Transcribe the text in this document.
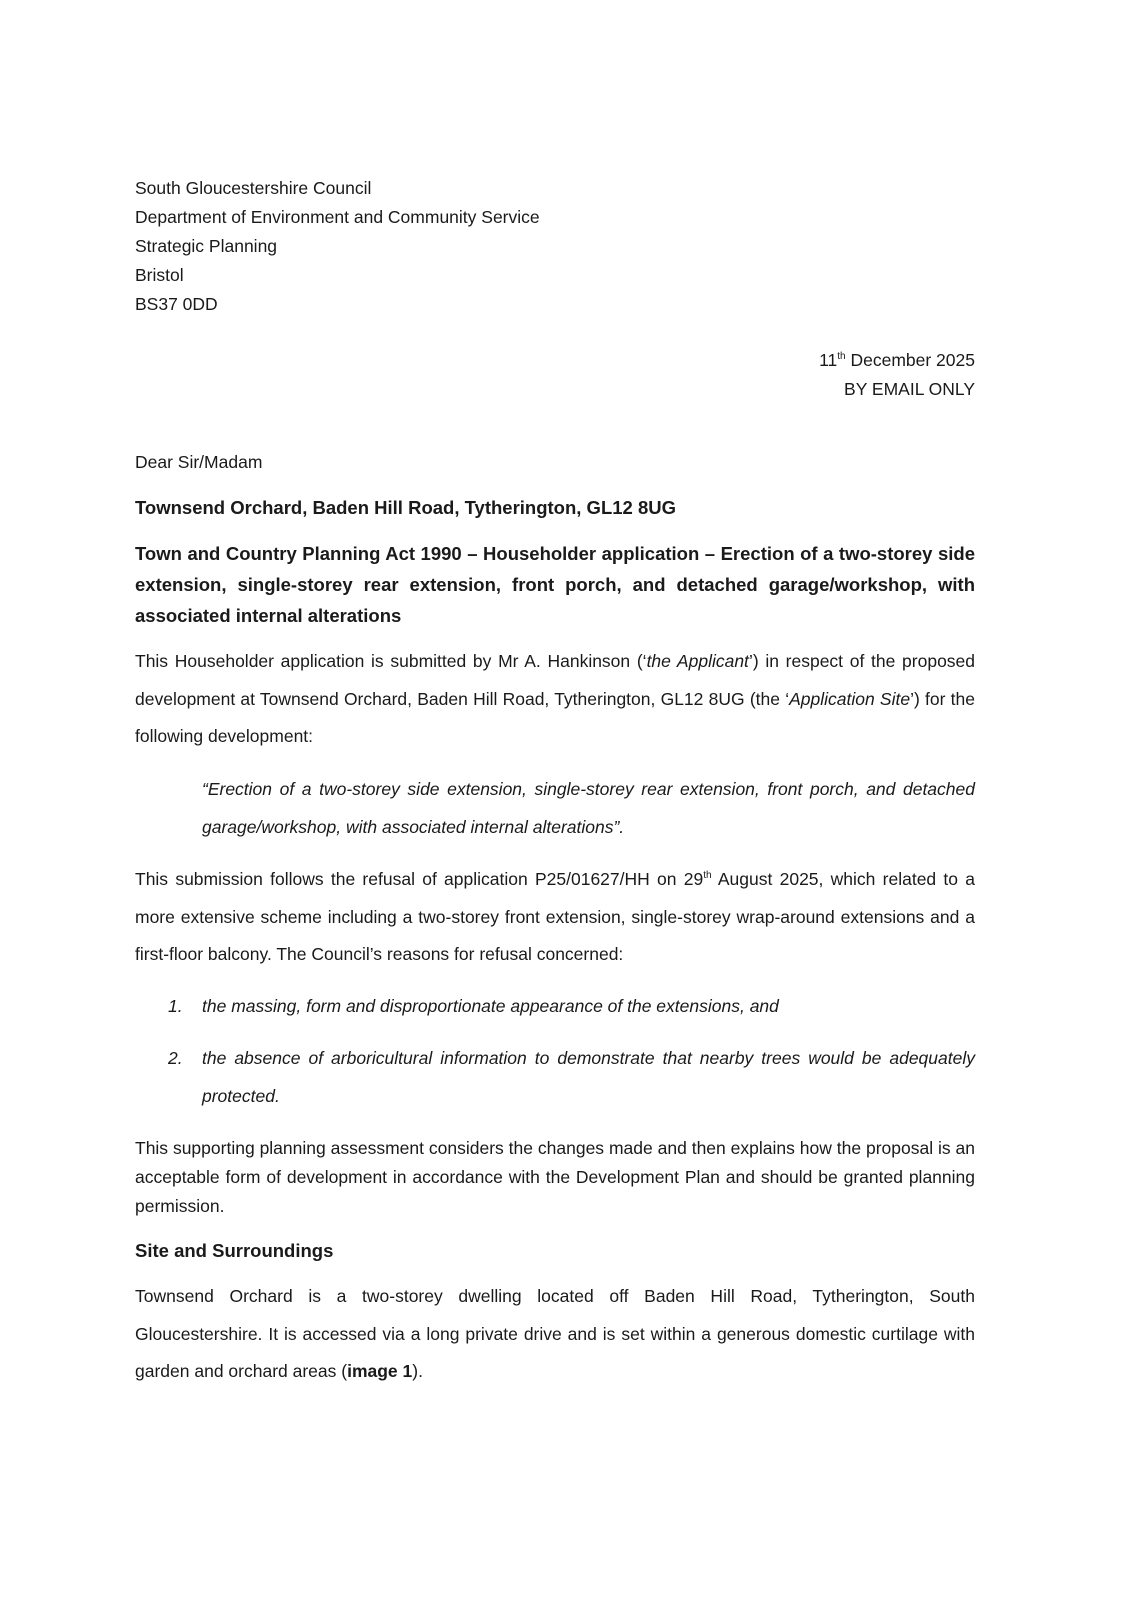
South Gloucestershire Council
Department of Environment and Community Service
Strategic Planning
Bristol
BS37 0DD
11th December 2025
BY EMAIL ONLY
Dear Sir/Madam
Townsend Orchard, Baden Hill Road, Tytherington, GL12 8UG
Town and Country Planning Act 1990 – Householder application – Erection of a two-storey side extension, single-storey rear extension, front porch, and detached garage/workshop, with associated internal alterations
This Householder application is submitted by Mr A. Hankinson (‘the Applicant’) in respect of the proposed development at Townsend Orchard, Baden Hill Road, Tytherington, GL12 8UG (the ‘Application Site’) for the following development:
“Erection of a two-storey side extension, single-storey rear extension, front porch, and detached garage/workshop, with associated internal alterations”.
This submission follows the refusal of application P25/01627/HH on 29th August 2025, which related to a more extensive scheme including a two-storey front extension, single-storey wrap-around extensions and a first-floor balcony. The Council’s reasons for refusal concerned:
1.	the massing, form and disproportionate appearance of the extensions, and
2.	the absence of arboricultural information to demonstrate that nearby trees would be adequately protected.
This supporting planning assessment considers the changes made and then explains how the proposal is an acceptable form of development in accordance with the Development Plan and should be granted planning permission.
Site and Surroundings
Townsend Orchard is a two-storey dwelling located off Baden Hill Road, Tytherington, South Gloucestershire. It is accessed via a long private drive and is set within a generous domestic curtilage with garden and orchard areas (image 1).
